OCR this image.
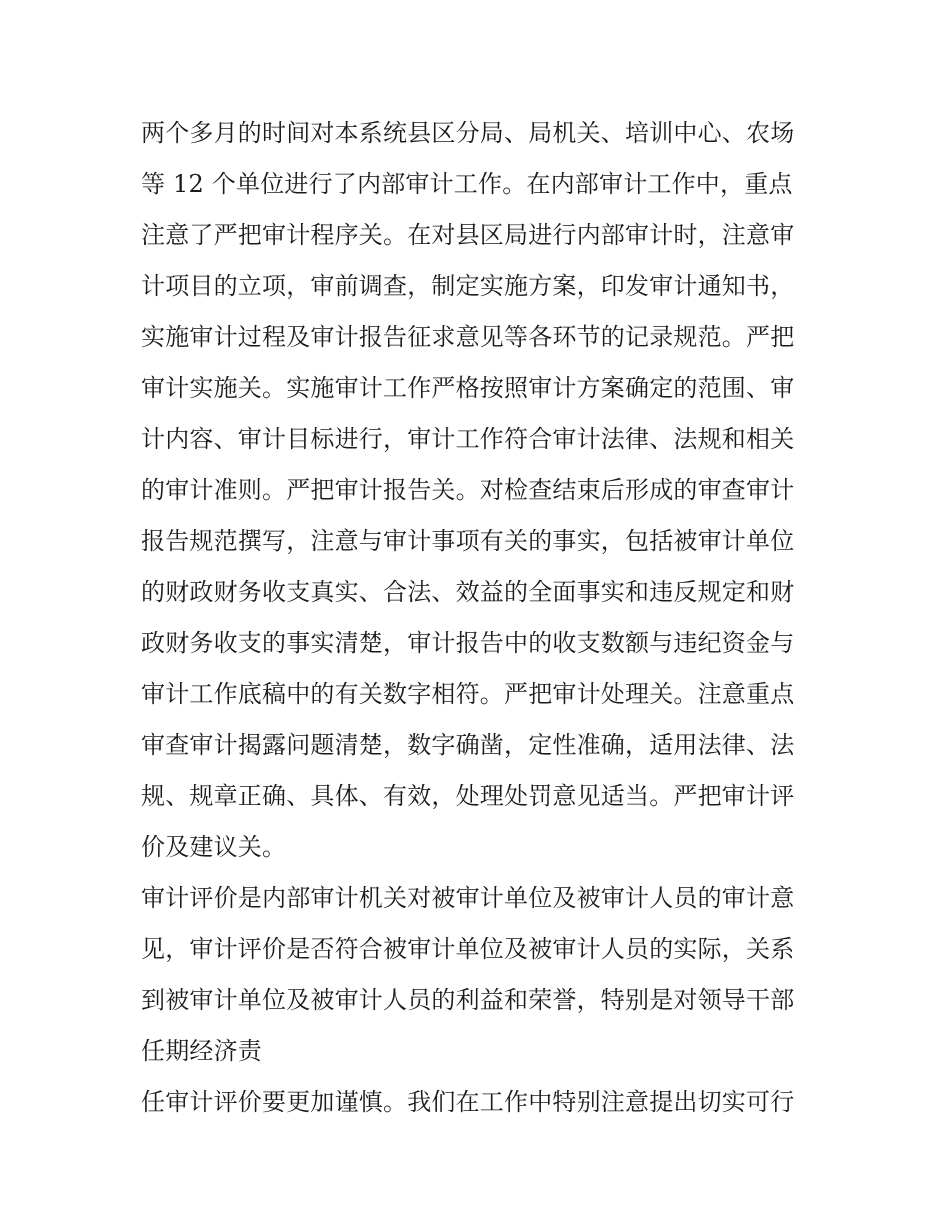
两个多月的时间对本系统县区分局、局机关、培训中心、农场
等 12 个单位进行了内部审计工作。在内部审计工作中，重点
注意了严把审计程序关。在对县区局进行内部审计时，注意审
计项目的立项，审前调查，制定实施方案，印发审计通知书，
实施审计过程及审计报告征求意见等各环节的记录规范。严把
审计实施关。实施审计工作严格按照审计方案确定的范围、审
计内容、审计目标进行，审计工作符合审计法律、法规和相关
的审计准则。严把审计报告关。对检查结束后形成的审查审计
报告规范撰写，注意与审计事项有关的事实，包括被审计单位
的财政财务收支真实、合法、效益的全面事实和违反规定和财
政财务收支的事实清楚，审计报告中的收支数额与违纪资金与
审计工作底稿中的有关数字相符。严把审计处理关。注意重点
审查审计揭露问题清楚，数字确凿，定性准确，适用法律、法
规、规章正确、具体、有效，处理处罚意见适当。严把审计评
价及建议关。
审计评价是内部审计机关对被审计单位及被审计人员的审计意
见，审计评价是否符合被审计单位及被审计人员的实际，关系
到被审计单位及被审计人员的利益和荣誉，特别是对领导干部
任期经济责
任审计评价要更加谨慎。我们在工作中特别注意提出切实可行
